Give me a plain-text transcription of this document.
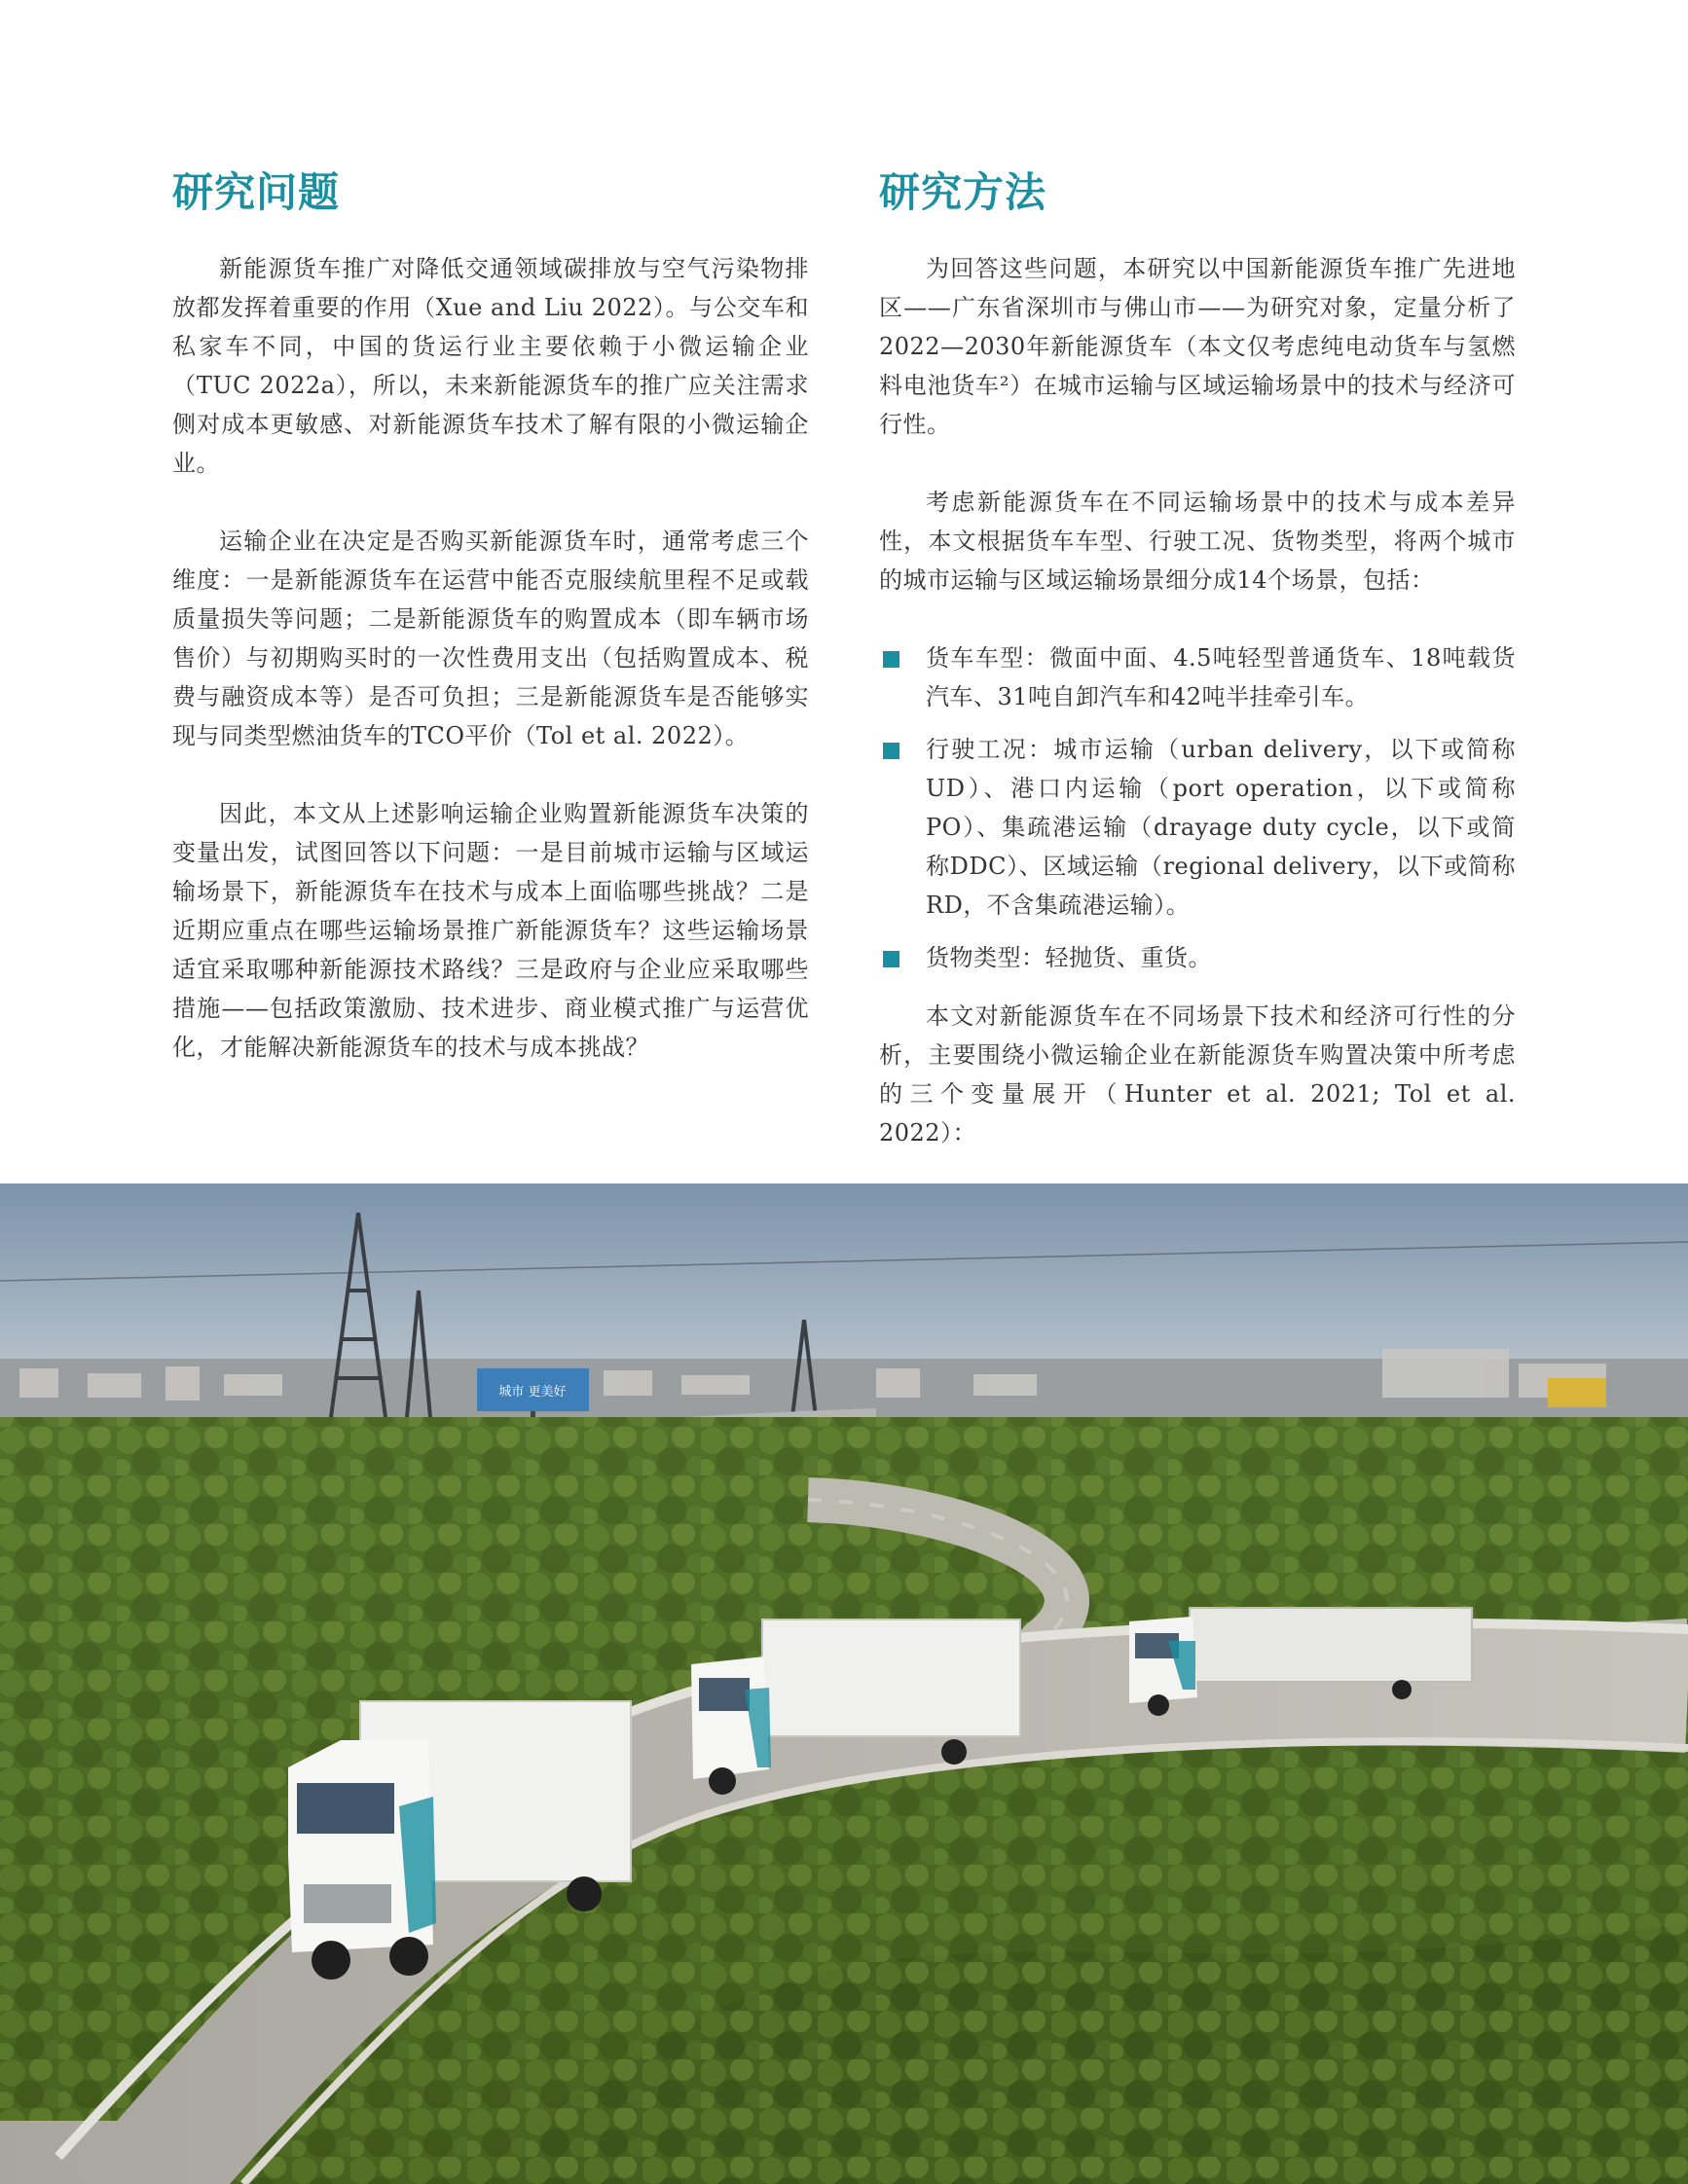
研究问题

新能源货车推广对降低交通领域碳排放与空气污染物排放都发挥着重要的作用（Xue and Liu 2022）。与公交车和私家车不同，中国的货运行业主要依赖于小微运输企业（TUC 2022a），所以，未来新能源货车的推广应关注需求侧对成本更敏感、对新能源货车技术了解有限的小微运输企业。

运输企业在决定是否购买新能源货车时，通常考虑三个维度：一是新能源货车在运营中能否克服续航里程不足或载质量损失等问题；二是新能源货车的购置成本（即车辆市场售价）与初期购买时的一次性费用支出（包括购置成本、税费与融资成本等）是否可负担；三是新能源货车是否能够实现与同类型燃油货车的TCO平价（Tol et al. 2022）。

因此，本文从上述影响运输企业购置新能源货车决策的变量出发，试图回答以下问题：一是目前城市运输与区域运输场景下，新能源货车在技术与成本上面临哪些挑战？二是近期应重点在哪些运输场景推广新能源货车？这些运输场景适宜采取哪种新能源技术路线？三是政府与企业应采取哪些措施——包括政策激励、技术进步、商业模式推广与运营优化，才能解决新能源货车的技术与成本挑战？

研究方法

为回答这些问题，本研究以中国新能源货车推广先进地区——广东省深圳市与佛山市——为研究对象，定量分析了2022—2030年新能源货车（本文仅考虑纯电动货车与氢燃料电池货车²）在城市运输与区域运输场景中的技术与经济可行性。

考虑新能源货车在不同运输场景中的技术与成本差异性，本文根据货车车型、行驶工况、货物类型，将两个城市的城市运输与区域运输场景细分成14个场景，包括：

货车车型：微面中面、4.5吨轻型普通货车、18吨载货汽车、31吨自卸汽车和42吨半挂牵引车。
行驶工况：城市运输（urban delivery，以下或简称UD）、港口内运输（port operation，以下或简称PO）、集疏港运输（drayage duty cycle，以下或简称DDC）、区域运输（regional delivery，以下或简称RD，不含集疏港运输）。
货物类型：轻抛货、重货。

本文对新能源货车在不同场景下技术和经济可行性的分析，主要围绕小微运输企业在新能源货车购置决策中所考虑的三个变量展开（Hunter et al. 2021; Tol et al. 2022）：

城市 更美好
